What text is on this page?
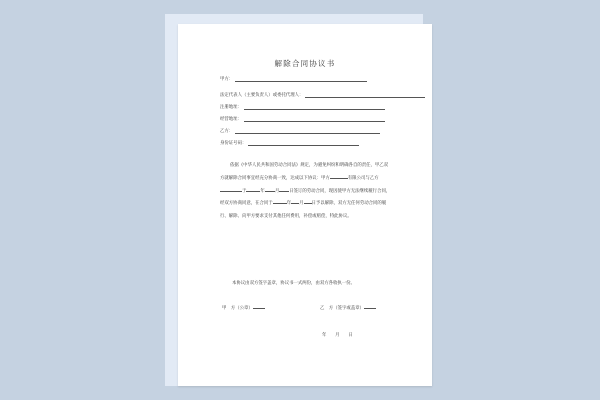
解除合同协议书
甲方：
法定代表人（主要负责人）或委托代理人：
注册地址：
经营地址：
乙方：
身份证号码：
依据《中华人民共和国劳动合同法》规定，为避免纠纷和明确各自的责任，甲乙双方就解除合同事宜经充分协商一致，达成以下协议：甲方	有限公司与乙方于	年 月 日签订的劳动合同，现因使甲方无法继续履行合同，经双方协商同意，在合同于	年 月 日予以解除，双方无任何劳动合同的履行、解除、向甲方要求支付其他任何费用，补偿或赔偿，特此协议。
本协议由双方签字盖章，协议书一式两份，由双方各收执一份。
甲　方（公章）	乙　方（签字或盖章）
年　　月　　日
